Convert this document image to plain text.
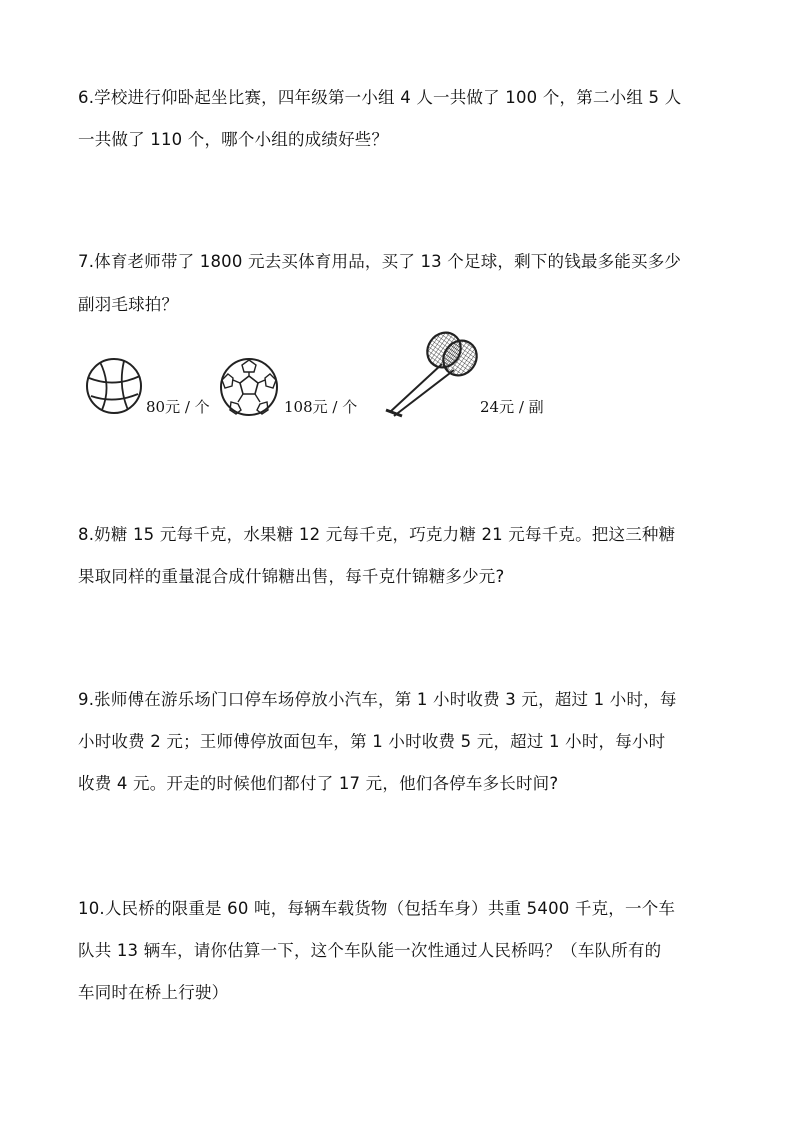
6.学校进行仰卧起坐比赛，四年级第一小组 4 人一共做了 100 个，第二小组 5 人
一共做了 110 个，哪个小组的成绩好些？
7.体育老师带了 1800 元去买体育用品，买了 13 个足球，剩下的钱最多能买多少
副羽毛球拍？
80元 / 个	108元 / 个	24元 / 副
8.奶糖 15 元每千克，水果糖 12 元每千克，巧克力糖 21 元每千克。把这三种糖
果取同样的重量混合成什锦糖出售，每千克什锦糖多少元?
9.张师傅在游乐场门口停车场停放小汽车，第 1 小时收费 3 元，超过 1 小时，每
小时收费 2 元；王师傅停放面包车，第 1 小时收费 5 元，超过 1 小时，每小时
收费 4 元。开走的时候他们都付了 17 元，他们各停车多长时间?
10.人民桥的限重是 60 吨，每辆车载货物（包括车身）共重 5400 千克，一个车
队共 13 辆车，请你估算一下，这个车队能一次性通过人民桥吗？（车队所有的
车同时在桥上行驶）
